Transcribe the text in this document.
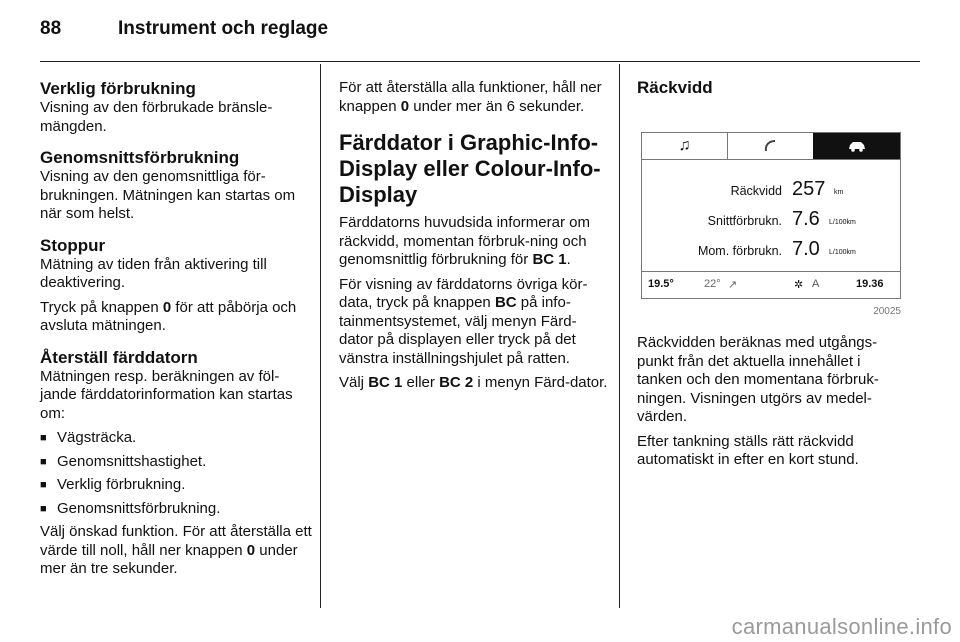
88	Instrument och reglage
Verklig förbrukning

Visning av den förbrukade bränsle-mängden.

Genomsnittsförbrukning

Visning av den genomsnittliga för-brukningen. Mätningen kan startas om när som helst.

Stoppur

Mätning av tiden från aktivering till deaktivering.

Tryck på knappen 0 för att påbörja och avsluta mätningen.

Återställ färddatorn

Mätningen resp. beräkningen av föl-jande färddatorinformation kan startas om:

■ Vägsträcka.
■ Genomsnittshastighet.
■ Verklig förbrukning.
■ Genomsnittsförbrukning.

Välj önskad funktion. För att återställa ett värde till noll, håll ner knappen 0 under mer än tre sekunder.

För att återställa alla funktioner, håll ner knappen 0 under mer än 6 sekunder.

Färddator i Graphic-Info-Display eller Colour-Info-Display

Färddatorns huvudsida informerar om räckvidd, momentan förbruk-ning och genomsnittlig förbrukning för BC 1.

För visning av färddatorns övriga kör-data, tryck på knappen BC på info-tainmentsystemet, välj menyn Färd-dator på displayen eller tryck på det vänstra inställningshjulet på ratten.

Välj BC 1 eller BC 2 i menyn Färd-dator.

Räckvidd
♫
Räckvidd 257 km
Snittförbrukn. 7.6 L/100km
Mom. förbrukn. 7.0 L/100km
19.5°	22° ↗	✲ A	19.36
20025

Räckvidden beräknas med utgångs-punkt från det aktuella innehållet i tanken och den momentana förbruk-ningen. Visningen utgörs av medel-värden.

Efter tankning ställs rätt räckvidd automatiskt in efter en kort stund.

carmanualsonline.info
